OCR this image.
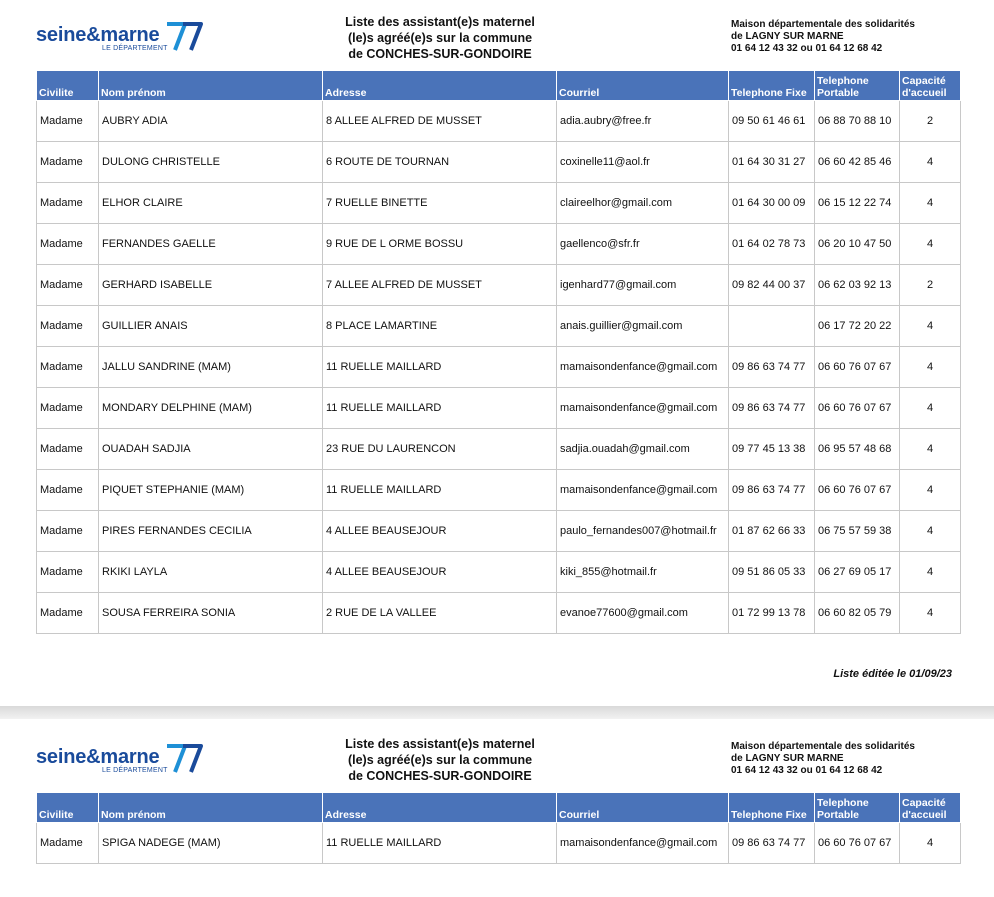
seine&marne
LE DÉPARTEMENT
Liste des assistant(e)s maternel
(le)s agréé(e)s sur la commune
de CONCHES-SUR-GONDOIRE
Maison départementale des solidarités
de LAGNY SUR MARNE
01 64 12 43 32 ou 01 64 12 68 42
Civilite	Nom prénom	Adresse	Courriel	Telephone Fixe	Telephone Portable	Capacité d'accueil
Madame	AUBRY ADIA	8 ALLEE ALFRED DE MUSSET	adia.aubry@free.fr	09 50 61 46 61	06 88 70 88 10	2
Madame	DULONG CHRISTELLE	6 ROUTE DE TOURNAN	coxinelle11@aol.fr	01 64 30 31 27	06 60 42 85 46	4
Madame	ELHOR CLAIRE	7 RUELLE BINETTE	claireelhor@gmail.com	01 64 30 00 09	06 15 12 22 74	4
Madame	FERNANDES GAELLE	9 RUE DE L ORME BOSSU	gaellenco@sfr.fr	01 64 02 78 73	06 20 10 47 50	4
Madame	GERHARD ISABELLE	7 ALLEE ALFRED DE MUSSET	igenhard77@gmail.com	09 82 44 00 37	06 62 03 92 13	2
Madame	GUILLIER ANAIS	8 PLACE LAMARTINE	anais.guillier@gmail.com		06 17 72 20 22	4
Madame	JALLU SANDRINE (MAM)	11 RUELLE MAILLARD	mamaisondenfance@gmail.com	09 86 63 74 77	06 60 76 07 67	4
Madame	MONDARY DELPHINE (MAM)	11 RUELLE MAILLARD	mamaisondenfance@gmail.com	09 86 63 74 77	06 60 76 07 67	4
Madame	OUADAH SADJIA	23 RUE DU LAURENCON	sadjia.ouadah@gmail.com	09 77 45 13 38	06 95 57 48 68	4
Madame	PIQUET STEPHANIE (MAM)	11 RUELLE MAILLARD	mamaisondenfance@gmail.com	09 86 63 74 77	06 60 76 07 67	4
Madame	PIRES FERNANDES CECILIA	4 ALLEE BEAUSEJOUR	paulo_fernandes007@hotmail.fr	01 87 62 66 33	06 75 57 59 38	4
Madame	RKIKI LAYLA	4 ALLEE BEAUSEJOUR	kiki_855@hotmail.fr	09 51 86 05 33	06 27 69 05 17	4
Madame	SOUSA FERREIRA SONIA	2 RUE DE LA VALLEE	evanoe77600@gmail.com	01 72 99 13 78	06 60 82 05 79	4
Liste éditée le 01/09/23
seine&marne
LE DÉPARTEMENT
Liste des assistant(e)s maternel
(le)s agréé(e)s sur la commune
de CONCHES-SUR-GONDOIRE
Maison départementale des solidarités
de LAGNY SUR MARNE
01 64 12 43 32 ou 01 64 12 68 42
Civilite	Nom prénom	Adresse	Courriel	Telephone Fixe	Telephone Portable	Capacité d'accueil
Madame	SPIGA NADEGE (MAM)	11 RUELLE MAILLARD	mamaisondenfance@gmail.com	09 86 63 74 77	06 60 76 07 67	4
